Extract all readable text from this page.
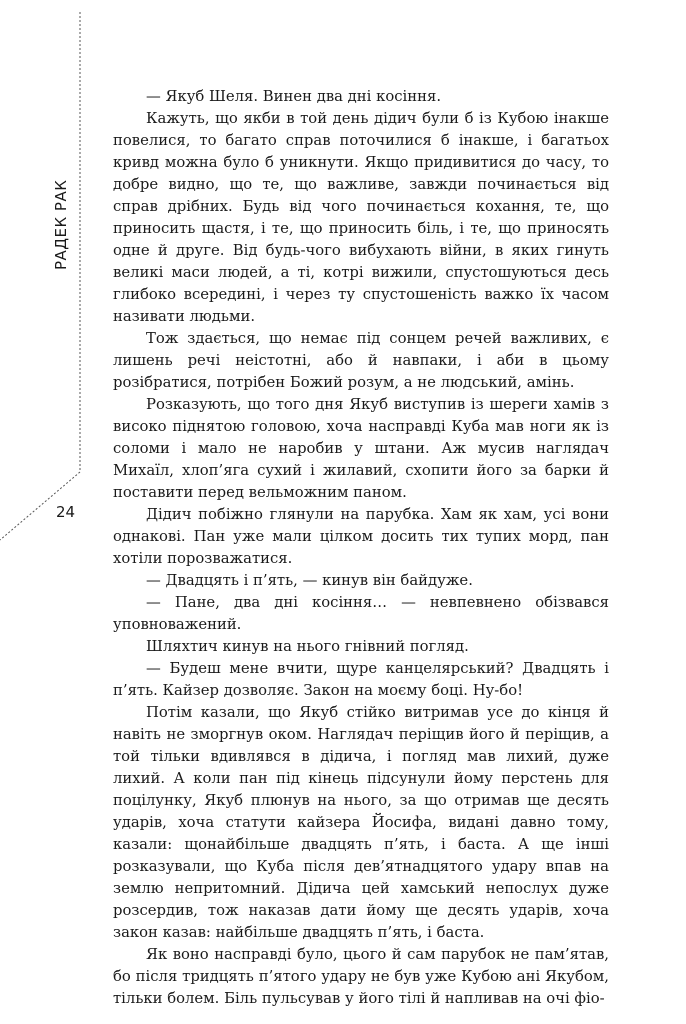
РАДЕК РАК
24

— Якуб Шеля. Винен два дні косіння.

Кажуть, що якби в той день дідич були б із Кубою інакше повелися, то багато справ поточилися б інакше, і багатьох кривд можна було б уникнути. Якщо придивитися до часу, то добре видно, що те, що важливе, завжди починається від справ дрібних. Будь від чого починається кохання, те, що приносить щастя, і те, що приносить біль, і те, що приносять одне й друге. Від будь-чого вибухають війни, в яких гинуть великі маси людей, а ті, котрі вижили, спустошуються десь глибоко всередині, і через ту спустошеність важко їх часом називати людьми.

Тож здається, що немає під сонцем речей важливих, є лишень речі неістотні, або й навпаки, і аби в цьому розібратися, потрібен Божий розум, а не людський, амінь.

Розказують, що того дня Якуб виступив із шереги хамів з високо піднятою головою, хоча насправді Куба мав ноги як із соломи і мало не наробив у штани. Аж мусив наглядач Михаїл, хлоп’яга сухий і жилавий, схопити його за барки й поставити перед вельможним паном.

Дідич побіжно глянули на парубка. Хам як хам, усі вони однакові. Пан уже мали цілком досить тих тупих морд, пан хотіли порозважатися.

— Двадцять і п’ять, — кинув він байдуже.

— Пане, два дні косіння… — невпевнено обізвався уповноважений.

Шляхтич кинув на нього гнівний погляд.

— Будеш мене вчити, щуре канцелярський? Двадцять і п’ять. Кайзер дозволяє. Закон на моєму боці. Ну-бо!

Потім казали, що Якуб стійко витримав усе до кінця й навіть не зморгнув оком. Наглядач періщив його й періщив, а той тільки вдивлявся в дідича, і погляд мав лихий, дуже лихий. А коли пан під кінець підсунули йому перстень для поцілунку, Якуб плюнув на нього, за що отримав ще десять ударів, хоча статути кайзера Йосифа, видані давно тому, казали: щонайбільше двадцять п’ять, і баста. А ще інші розказували, що Куба після дев’ятнадцятого удару впав на землю непритомний. Дідича цей хамський непослух дуже розсердив, тож наказав дати йому ще десять ударів, хоча закон казав: найбільше двадцять п’ять, і баста.

Як воно насправді було, цього й сам парубок не пам’ятав, бо після тридцять п’ятого удару не був уже Кубою ані Якубом, тільки болем. Біль пульсував у його тілі й напливав на очі фіо-
